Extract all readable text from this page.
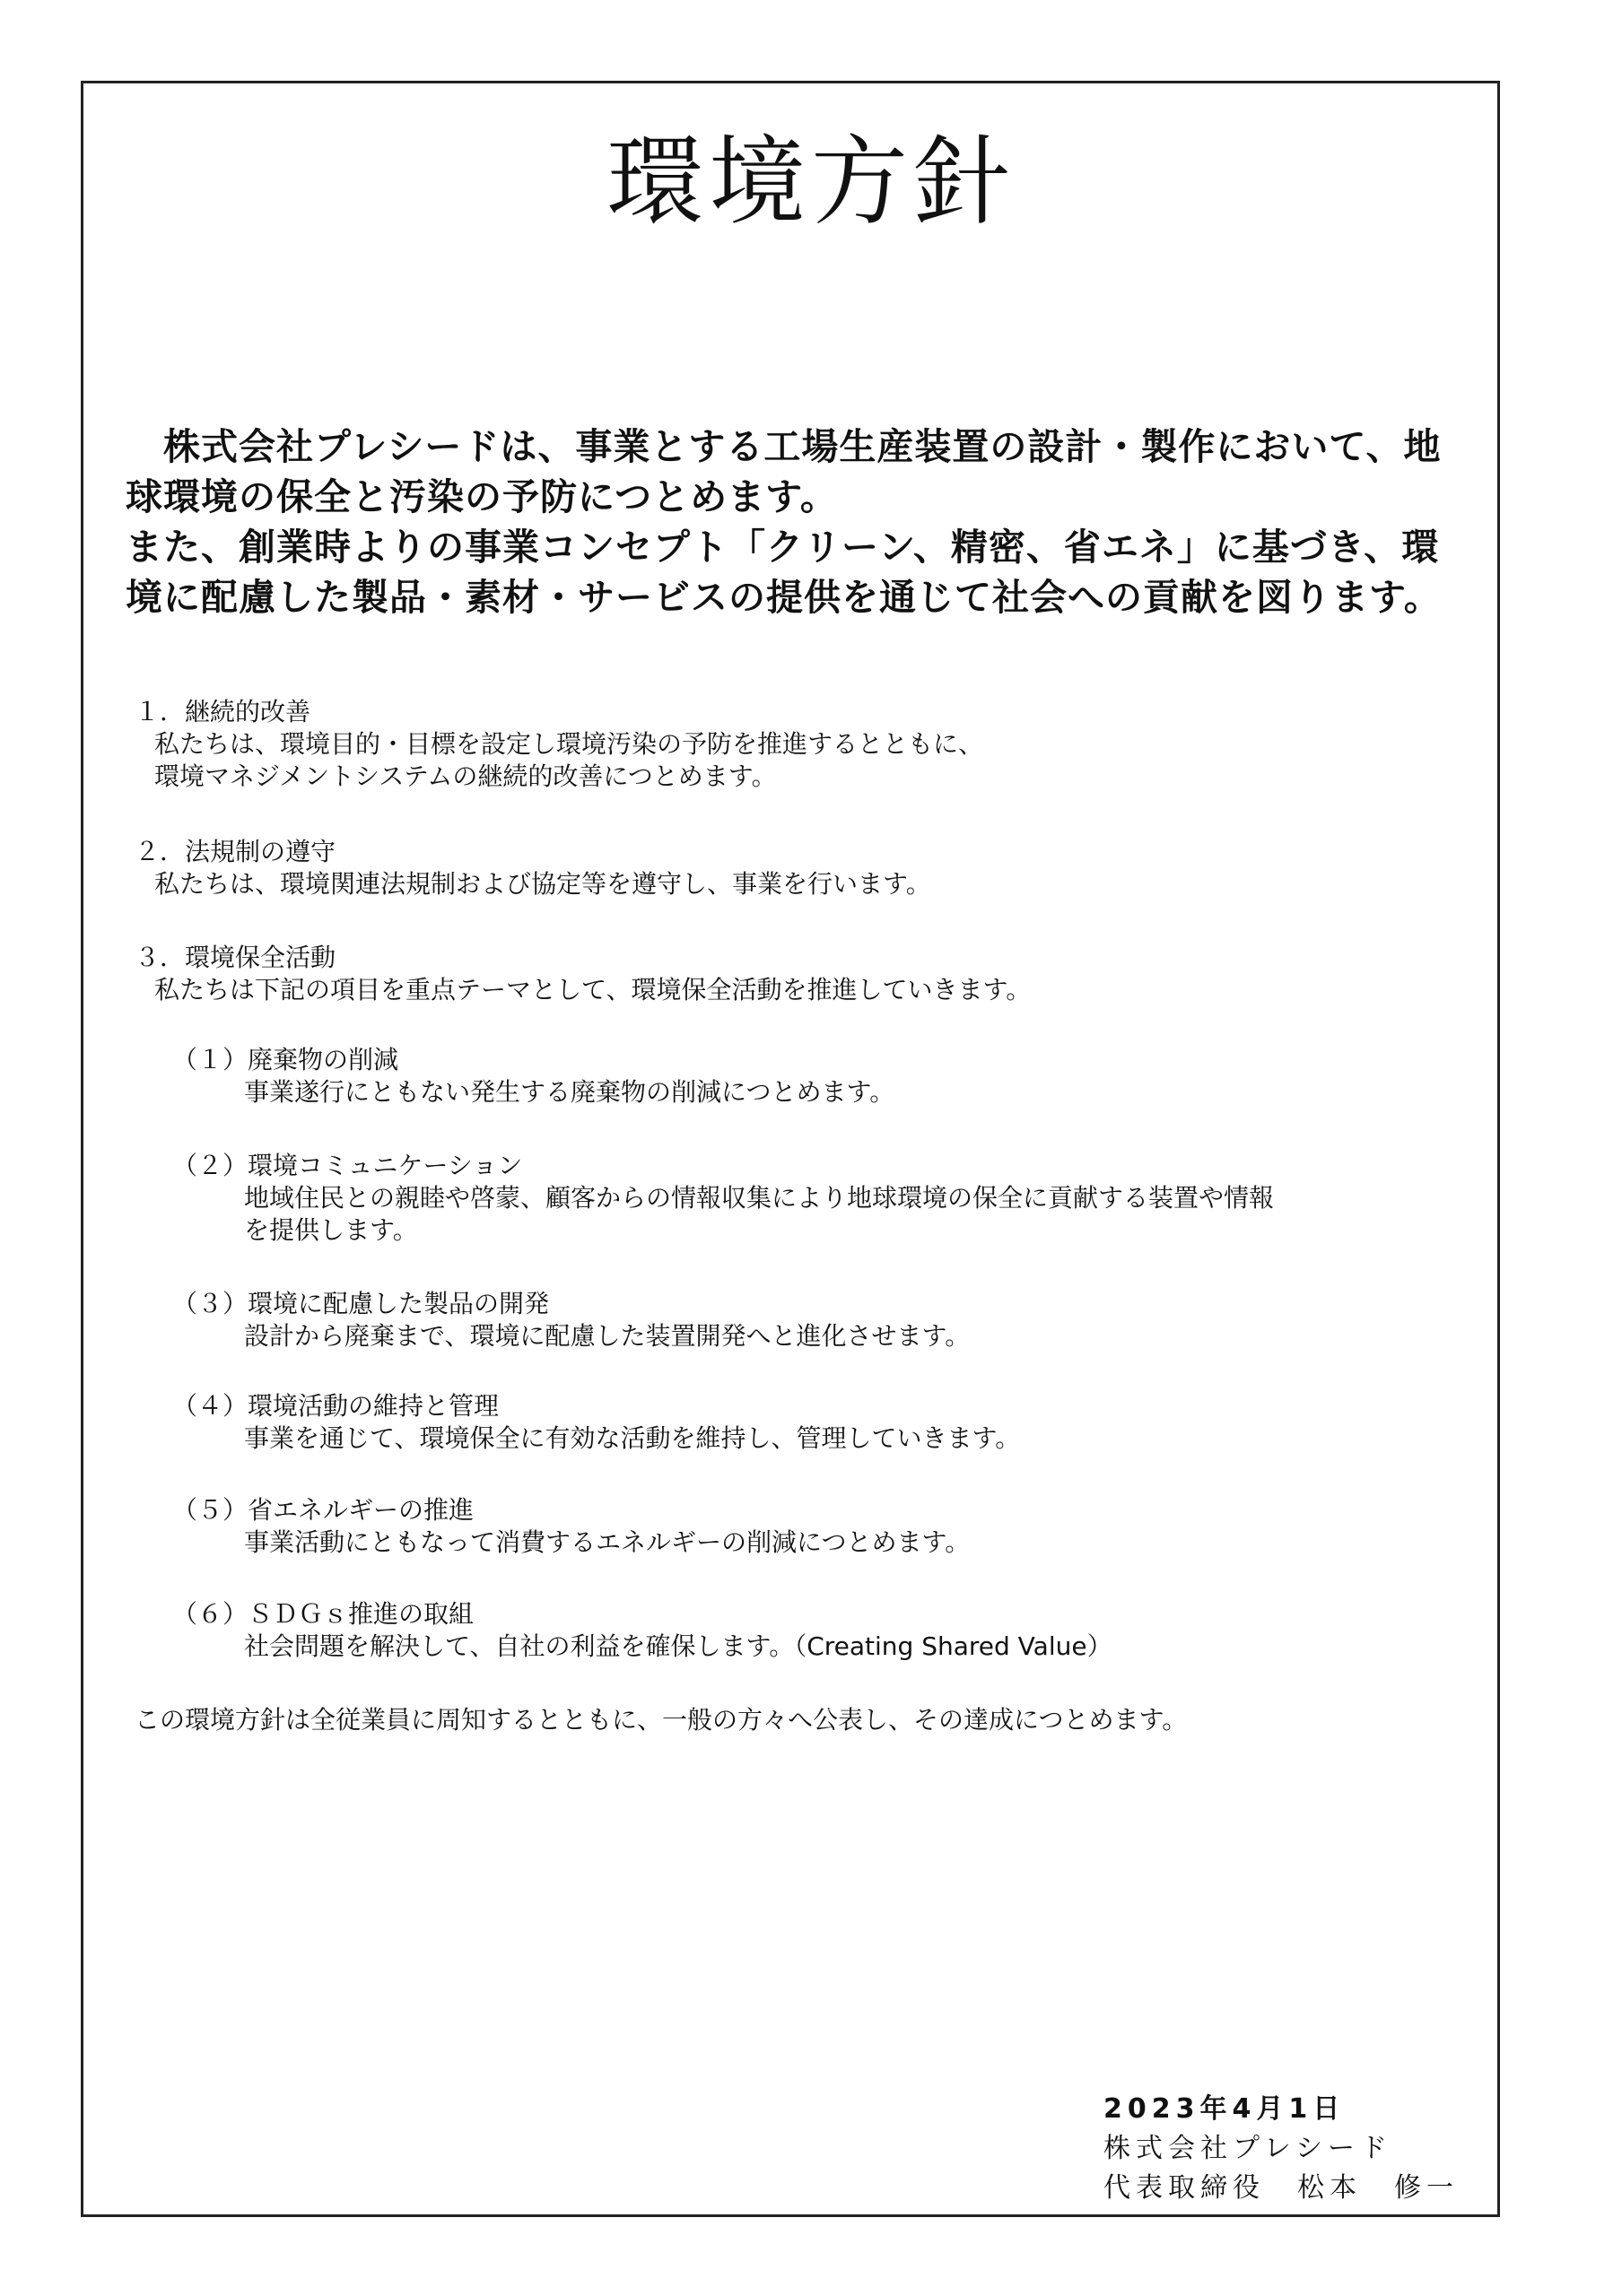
環境方針

株式会社プレシードは、事業とする工場生産装置の設計・製作において、地

球環境の保全と汚染の予防につとめます。

また、創業時よりの事業コンセプト「クリーン、精密、省エネ」に基づき、環

境に配慮した製品・素材・サービスの提供を通じて社会への貢献を図ります。

１．継続的改善

私たちは、環境目的・目標を設定し環境汚染の予防を推進するとともに、

環境マネジメントシステムの継続的改善につとめます。

２．法規制の遵守

私たちは、環境関連法規制および協定等を遵守し、事業を行います。

３．環境保全活動

私たちは下記の項目を重点テーマとして、環境保全活動を推進していきます。

（１）廃棄物の削減

事業遂行にともない発生する廃棄物の削減につとめます。

（２）環境コミュニケーション

地域住民との親睦や啓蒙、顧客からの情報収集により地球環境の保全に貢献する装置や情報

を提供します。

（３）環境に配慮した製品の開発

設計から廃棄まで、環境に配慮した装置開発へと進化させます。

（４）環境活動の維持と管理

事業を通じて、環境保全に有効な活動を維持し、管理していきます。

（５）省エネルギーの推進

事業活動にともなって消費するエネルギーの削減につとめます。

（６）ＳＤＧｓ推進の取組

社会問題を解決して、自社の利益を確保します。（Creating Shared Value）

この環境方針は全従業員に周知するとともに、一般の方々へ公表し、その達成につとめます。
2023年4月1日
株式会社プレシード
代表取締役　松本　修一
